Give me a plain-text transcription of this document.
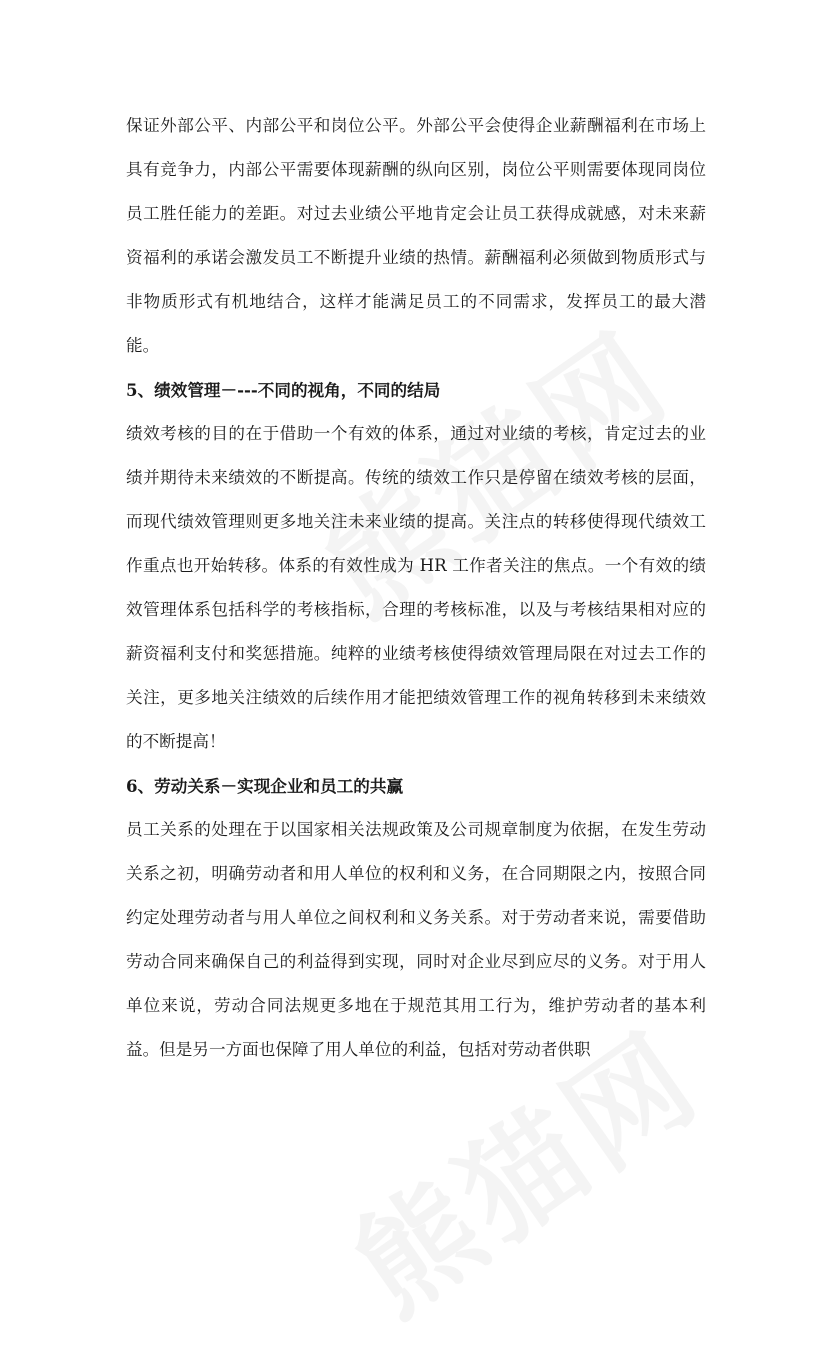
保证外部公平、内部公平和岗位公平。外部公平会使得企业薪酬福利在市场上
具有竞争力，内部公平需要体现薪酬的纵向区别，岗位公平则需要体现同岗位
员工胜任能力的差距。对过去业绩公平地肯定会让员工获得成就感，对未来薪
资福利的承诺会激发员工不断提升业绩的热情。薪酬福利必须做到物质形式与
非物质形式有机地结合，这样才能满足员工的不同需求，发挥员工的最大潜
能。
5、绩效管理－---不同的视角，不同的结局
绩效考核的目的在于借助一个有效的体系，通过对业绩的考核，肯定过去的业
绩并期待未来绩效的不断提高。传统的绩效工作只是停留在绩效考核的层面，
而现代绩效管理则更多地关注未来业绩的提高。关注点的转移使得现代绩效工
作重点也开始转移。体系的有效性成为 HR 工作者关注的焦点。一个有效的绩
效管理体系包括科学的考核指标，合理的考核标准，以及与考核结果相对应的
薪资福利支付和奖惩措施。纯粹的业绩考核使得绩效管理局限在对过去工作的
关注，更多地关注绩效的后续作用才能把绩效管理工作的视角转移到未来绩效
的不断提高！
6、劳动关系－实现企业和员工的共赢
员工关系的处理在于以国家相关法规政策及公司规章制度为依据，在发生劳动
关系之初，明确劳动者和用人单位的权利和义务，在合同期限之内，按照合同
约定处理劳动者与用人单位之间权利和义务关系。对于劳动者来说，需要借助
劳动合同来确保自己的利益得到实现，同时对企业尽到应尽的义务。对于用人
单位来说，劳动合同法规更多地在于规范其用工行为，维护劳动者的基本利
益。但是另一方面也保障了用人单位的利益，包括对劳动者供职
